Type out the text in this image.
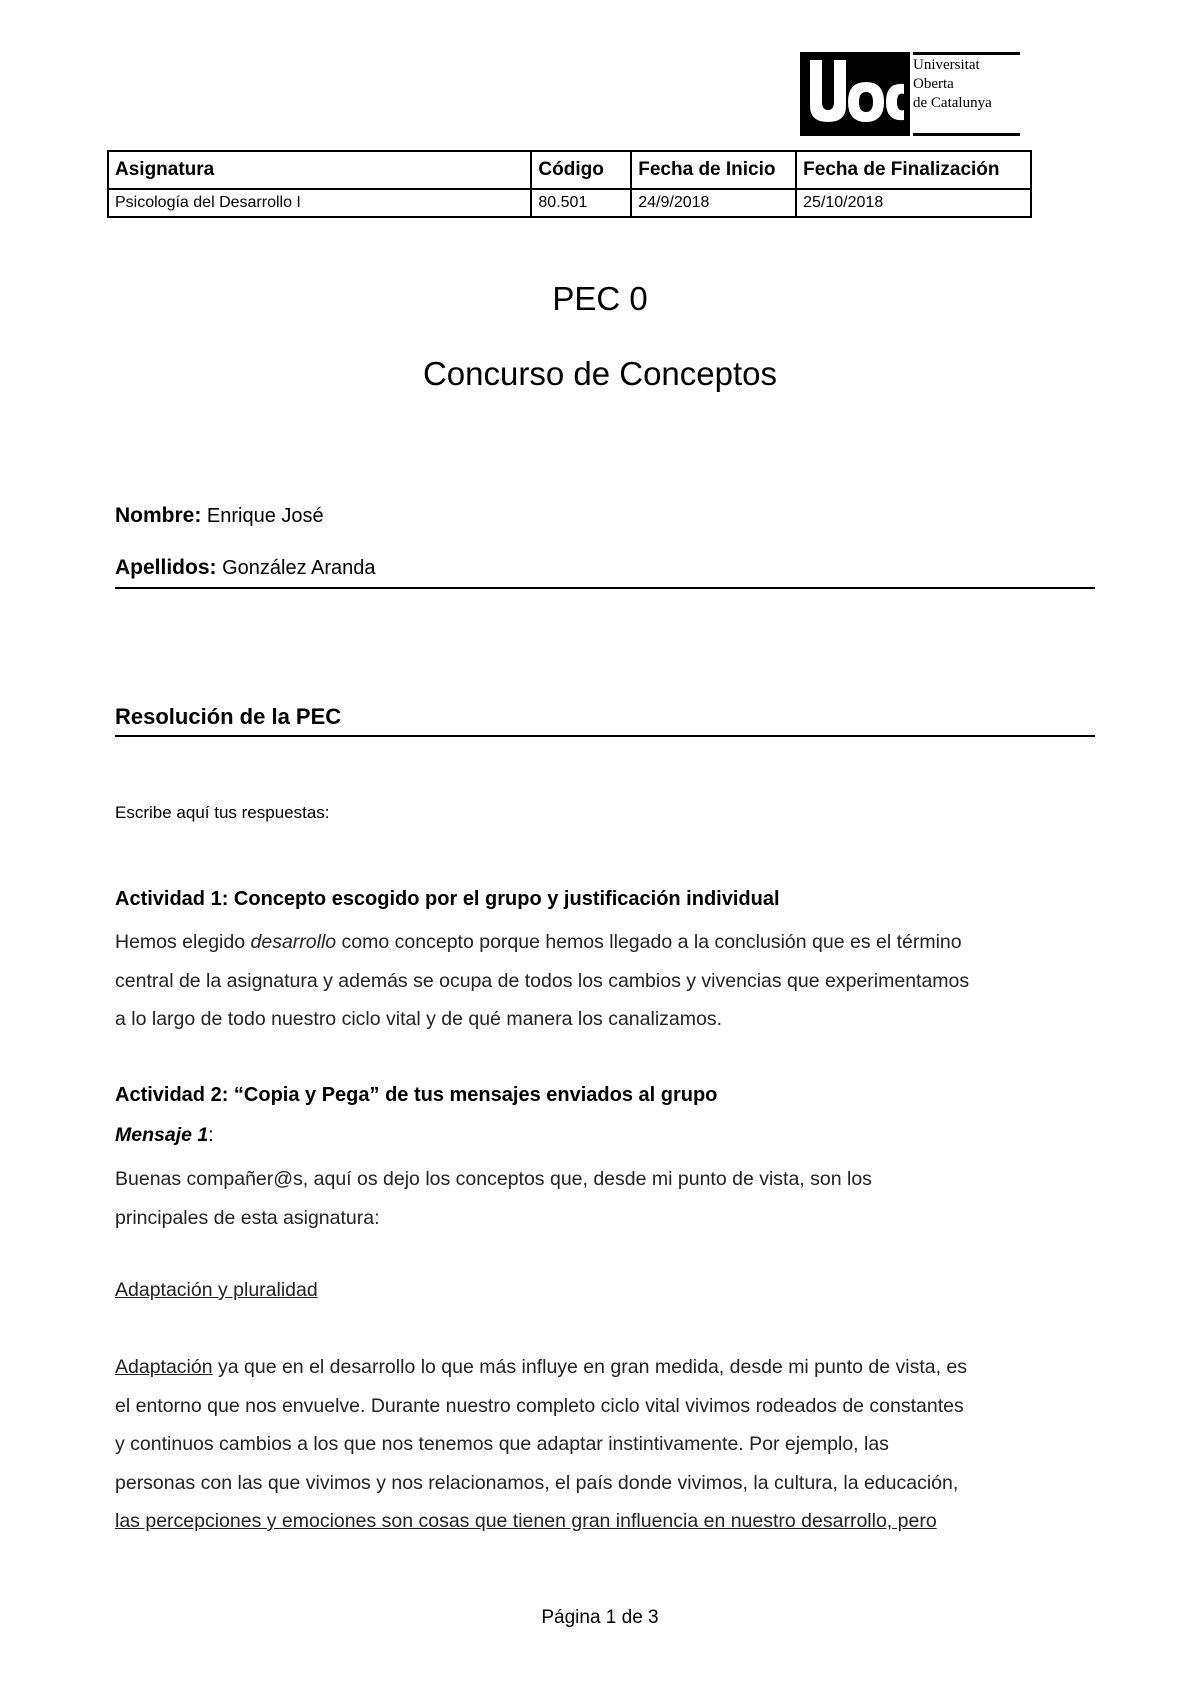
Universitat
Oberta
de Catalunya
Asignatura	Código	Fecha de Inicio	Fecha de Finalización
Psicología del Desarrollo I	80.501	24/9/2018	25/10/2018
PEC 0
Concurso de Conceptos

Nombre: Enrique José

Apellidos: González Aranda

Resolución de la PEC

Escribe aquí tus respuestas:

Actividad 1: Concepto escogido por el grupo y justificación individual
Hemos elegido desarrollo como concepto porque hemos llegado a la conclusión que es el término
central de la asignatura y además se ocupa de todos los cambios y vivencias que experimentamos
a lo largo de todo nuestro ciclo vital y de qué manera los canalizamos.
Actividad 2: “Copia y Pega” de tus mensajes enviados al grupo

Mensaje 1:

Buenas compañer@s, aquí os dejo los conceptos que, desde mi punto de vista, son los
principales de esta asignatura:

Adaptación y pluralidad

Adaptación ya que en el desarrollo lo que más influye en gran medida, desde mi punto de vista, es
el entorno que nos envuelve. Durante nuestro completo ciclo vital vivimos rodeados de constantes
y continuos cambios a los que nos tenemos que adaptar instintivamente. Por ejemplo, las
personas con las que vivimos y nos relacionamos, el país donde vivimos, la cultura, la educación,
las percepciones y emociones son cosas que tienen gran influencia en nuestro desarrollo, pero

Página 1 de 3
